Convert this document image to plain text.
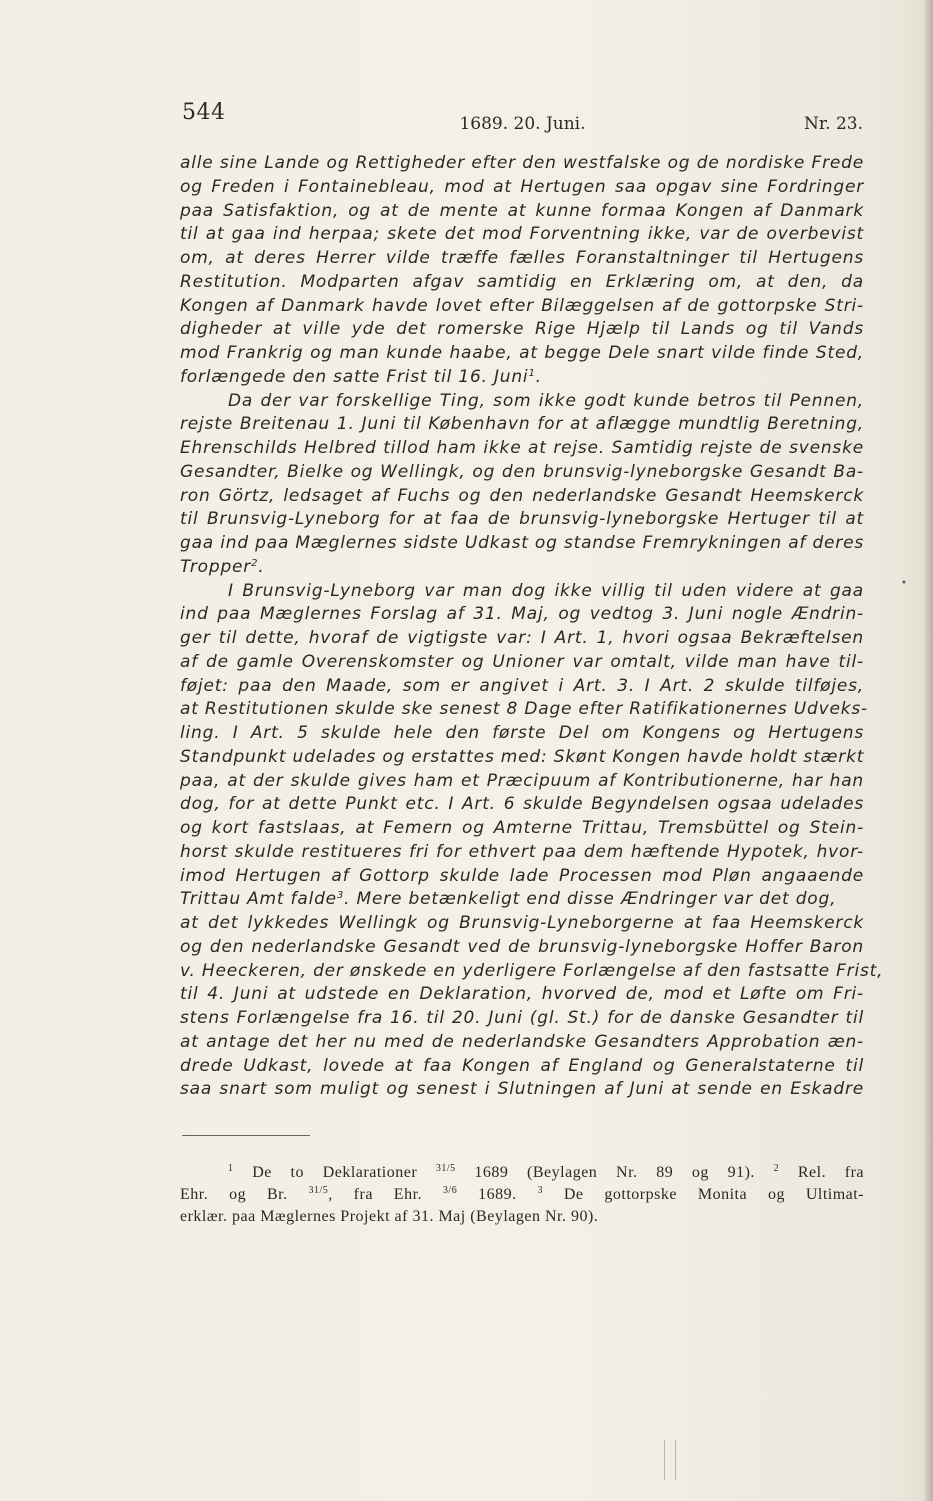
544	1689. 20. Juni.	Nr. 23.
alle sine Lande og Rettigheder efter den westfalske og de nordiske Frede
og Freden i Fontainebleau, mod at Hertugen saa opgav sine Fordringer
paa Satisfaktion, og at de mente at kunne formaa Kongen af Danmark
til at gaa ind herpaa; skete det mod Forventning ikke, var de overbevist
om, at deres Herrer vilde træffe fælles Foranstaltninger til Hertugens
Restitution. Modparten afgav samtidig en Erklæring om, at den, da
Kongen af Danmark havde lovet efter Bilæggelsen af de gottorpske Stri-
digheder at ville yde det romerske Rige Hjælp til Lands og til Vands
mod Frankrig og man kunde haabe, at begge Dele snart vilde finde Sted,
forlængede den satte Frist til 16. Juni$^1$.
Da der var forskellige Ting, som ikke godt kunde betros til Pennen,
rejste Breitenau 1. Juni til København for at aflægge mundtlig Beretning,
Ehrenschilds Helbred tillod ham ikke at rejse. Samtidig rejste de svenske
Gesandter, Bielke og Wellingk, og den brunsvig-lyneborgske Gesandt Ba-
ron Görtz, ledsaget af Fuchs og den nederlandske Gesandt Heemskerck
til Brunsvig-Lyneborg for at faa de brunsvig-lyneborgske Hertuger til at
gaa ind paa Mæglernes sidste Udkast og standse Fremrykningen af deres
Tropper$^2$.
I Brunsvig-Lyneborg var man dog ikke villig til uden videre at gaa
ind paa Mæglernes Forslag af 31. Maj, og vedtog 3. Juni nogle Ændrin-
ger til dette, hvoraf de vigtigste var: I Art. 1, hvori ogsaa Bekræftelsen
af de gamle Overenskomster og Unioner var omtalt, vilde man have til-
føjet: paa den Maade, som er angivet i Art. 3. I Art. 2 skulde tilføjes,
at Restitutionen skulde ske senest 8 Dage efter Ratifikationernes Udveks-
ling. I Art. 5 skulde hele den første Del om Kongens og Hertugens
Standpunkt udelades og erstattes med: Skønt Kongen havde holdt stærkt
paa, at der skulde gives ham et Præcipuum af Kontributionerne, har han
dog, for at dette Punkt etc. I Art. 6 skulde Begyndelsen ogsaa udelades
og kort fastslaas, at Femern og Amterne Trittau, Tremsbüttel og Stein-
horst skulde restitueres fri for ethvert paa dem hæftende Hypotek, hvor-
imod Hertugen af Gottorp skulde lade Processen mod Pløn angaaende
Trittau Amt falde$^3$. Mere betænkeligt end disse Ændringer var det dog,
at det lykkedes Wellingk og Brunsvig-Lyneborgerne at faa Heemskerck
og den nederlandske Gesandt ved de brunsvig-lyneborgske Hoffer Baron
v. Heeckeren, der ønskede en yderligere Forlængelse af den fastsatte Frist,
til 4. Juni at udstede en Deklaration, hvorved de, mod et Løfte om Fri-
stens Forlængelse fra 16. til 20. Juni (gl. St.) for de danske Gesandter til
at antage det her nu med de nederlandske Gesandters Approbation æn-
drede Udkast, lovede at faa Kongen af England og Generalstaterne til
saa snart som muligt og senest i Slutningen af Juni at sende en Eskadre
$^1$ De to Deklarationer $^{31/5}$ 1689 (Beylagen Nr. 89 og 91). $^2$ Rel. fra
Ehr. og Br. $^{31/5}$, fra Ehr. $^{3/6}$ 1689. $^3$ De gottorpske Monita og Ultimat-
erklær. paa Mæglernes Projekt af 31. Maj (Beylagen Nr. 90).
•
